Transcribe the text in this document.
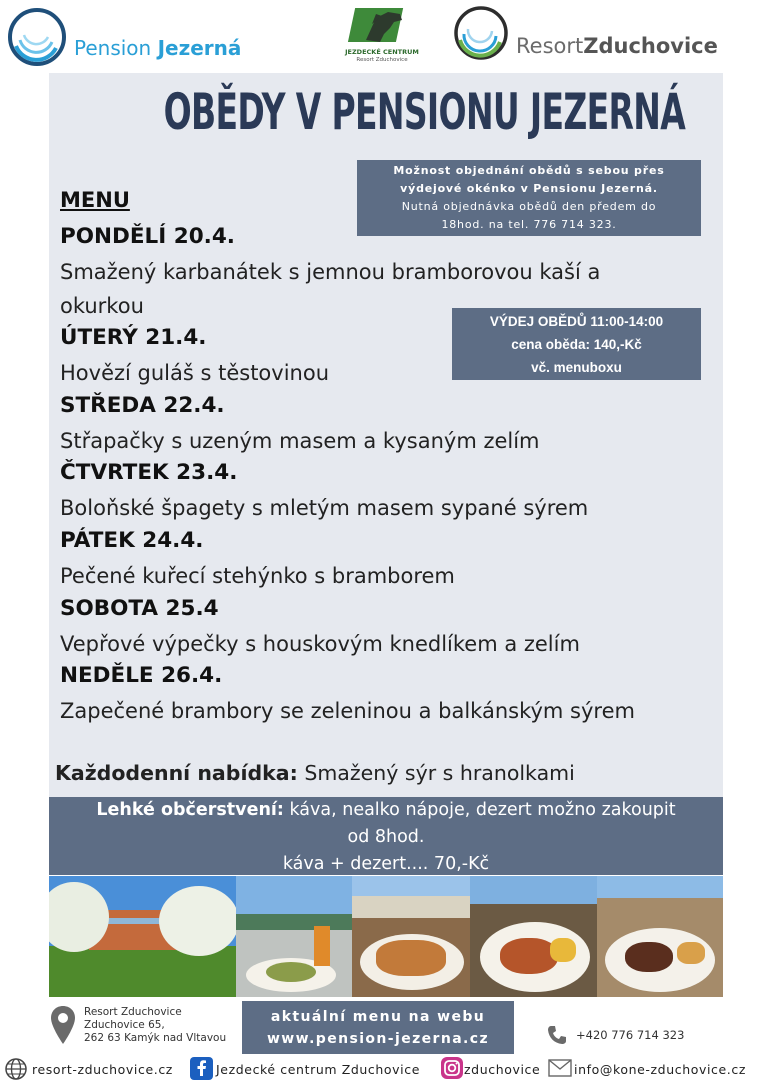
Pension Jezerná	JEZDECKÉ CENTRUM
Resort Zduchovice
ResortZduchovice
OBĚDY V PENSIONU JEZERNÁ
Možnost objednání obědů s sebou přes
výdejové okénko v Pensionu Jezerná.
Nutná objednávka obědů den předem do
18hod. na tel. 776 714 323.
MENU
PONDĚLÍ 20.4.
Smažený karbanátek s jemnou bramborovou kaší a
okurkou
ÚTERÝ 21.4.
Hovězí guláš s těstovinou
VÝDEJ OBĚDŮ 11:00-14:00
cena oběda: 140,-Kč
vč. menuboxu
STŘEDA 22.4.
Střapačky s uzeným masem a kysaným zelím
ČTVRTEK 23.4.
Boloňské špagety s mletým masem sypané sýrem
PÁTEK 24.4.
Pečené kuřecí stehýnko s bramborem
SOBOTA 25.4
Vepřové výpečky s houskovým knedlíkem a zelím
NEDĚLE 26.4.
Zapečené brambory se zeleninou a balkánským sýrem
Každodenní nabídka: Smažený sýr s hranolkami
Lehké občerstvení: káva, nealko nápoje, dezert možno zakoupit
od 8hod.
káva + dezert.... 70,-Kč
Resort Zduchovice
Zduchovice 65,
262 63 Kamýk nad Vltavou
aktuální menu na webu
www.pension-jezerna.cz	+420 776 714 323
resort-zduchovice.cz	Jezdecké centrum Zduchovice	zduchovice	info@kone-zduchovice.cz
